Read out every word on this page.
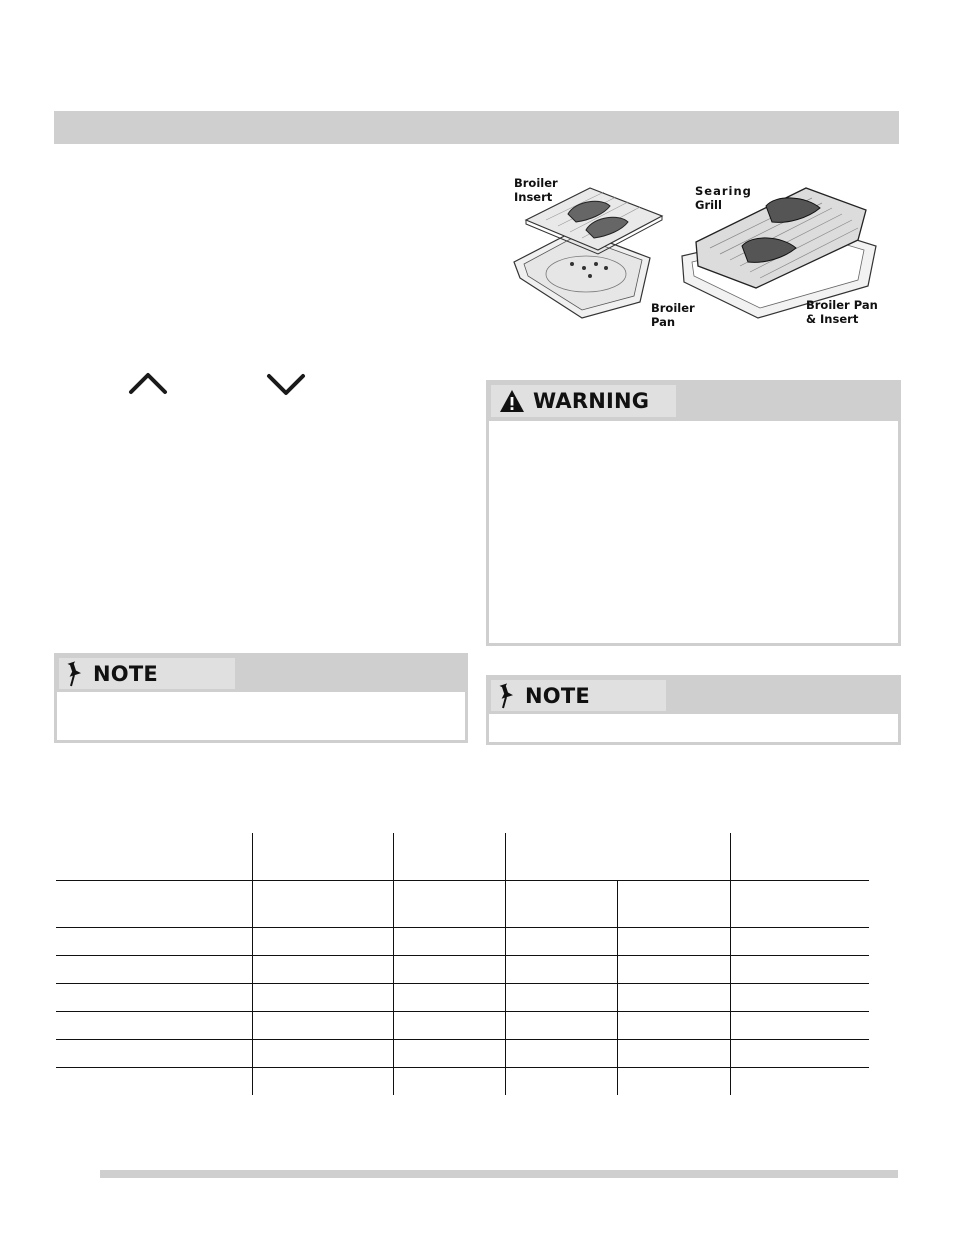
Broiler
Insert	Searing
Grill
Broiler
Pan
Broiler Pan
& Insert
WARNING
NOTE
NOTE
